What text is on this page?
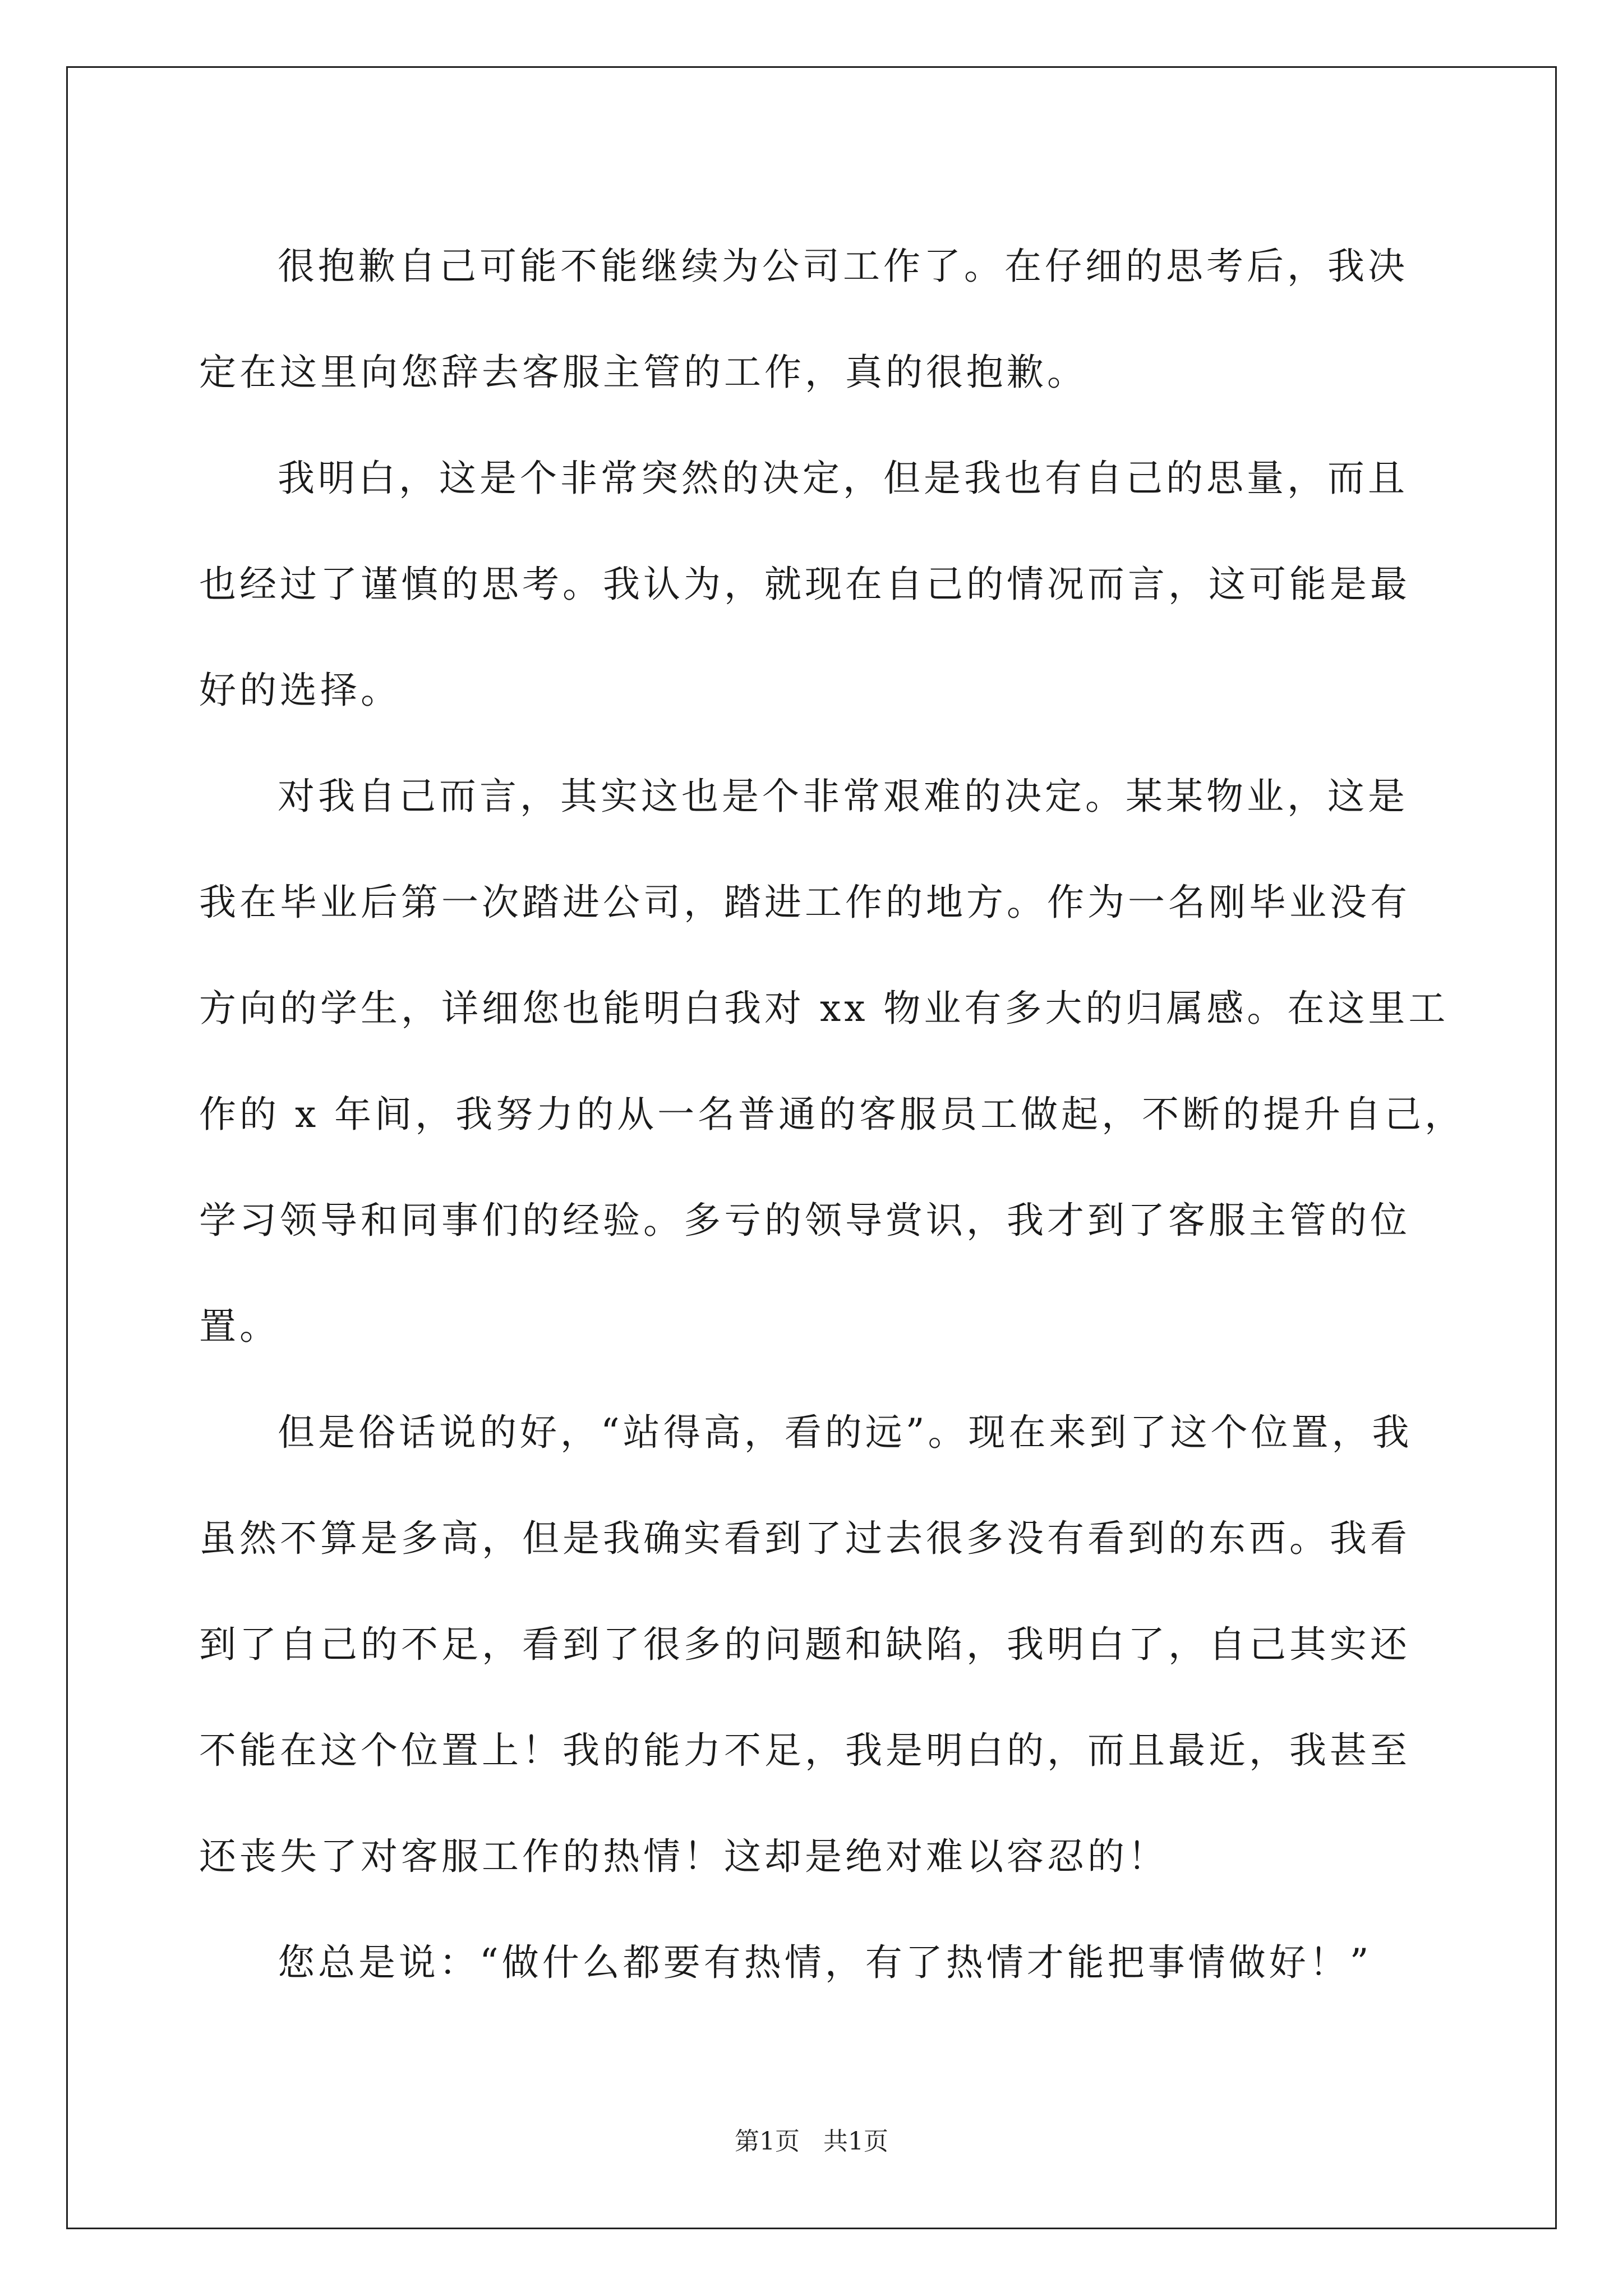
很抱歉自己可能不能继续为公司工作了。在仔细的思考后，我决
定在这里向您辞去客服主管的工作，真的很抱歉。
我明白，这是个非常突然的决定，但是我也有自己的思量，而且
也经过了谨慎的思考。我认为，就现在自己的情况而言，这可能是最
好的选择。
对我自己而言，其实这也是个非常艰难的决定。某某物业，这是
我在毕业后第一次踏进公司，踏进工作的地方。作为一名刚毕业没有
方向的学生，详细您也能明白我对 xx 物业有多大的归属感。在这里工
作的 x 年间，我努力的从一名普通的客服员工做起，不断的提升自己，
学习领导和同事们的经验。多亏的领导赏识，我才到了客服主管的位
置。
但是俗话说的好，“站得高，看的远”。现在来到了这个位置，我
虽然不算是多高，但是我确实看到了过去很多没有看到的东西。我看
到了自己的不足，看到了很多的问题和缺陷，我明白了，自己其实还
不能在这个位置上！我的能力不足，我是明白的，而且最近，我甚至
还丧失了对客服工作的热情！这却是绝对难以容忍的！
您总是说：“做什么都要有热情，有了热情才能把事情做好！”
第1页   共1页
